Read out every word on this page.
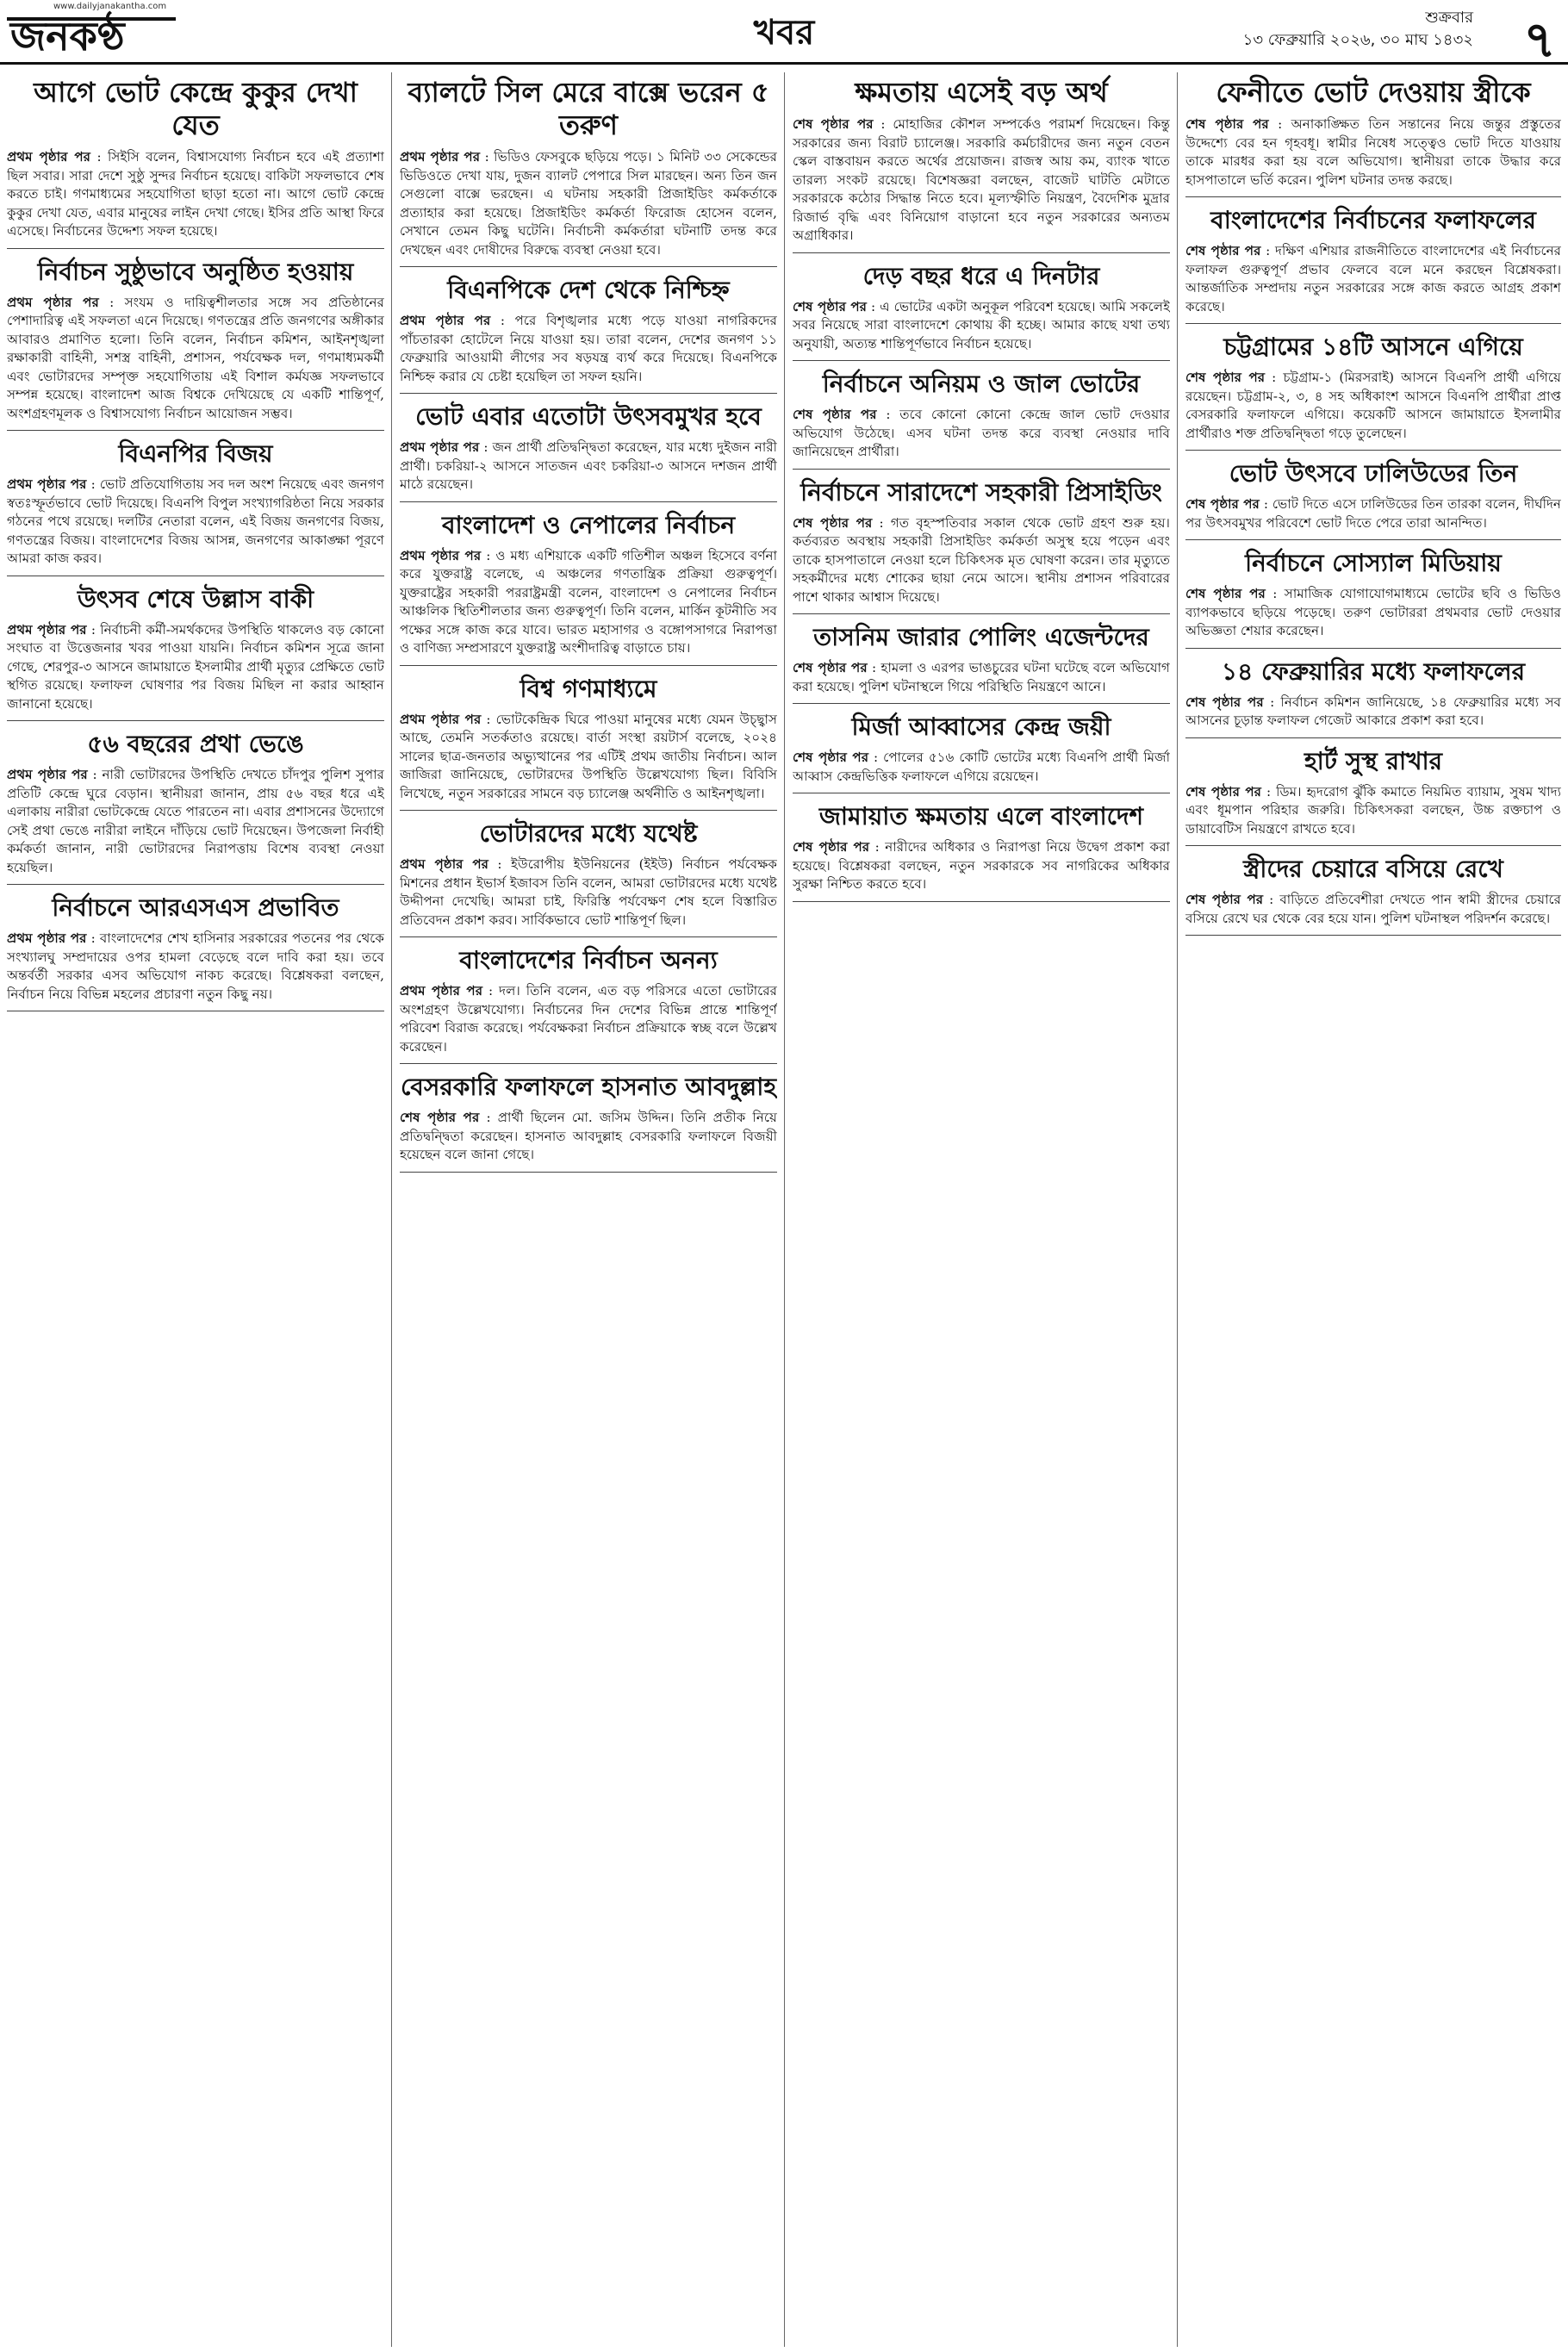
www.dailyjanakantha.com
জনকণ্ঠ	খবর	শুক্রবার
১৩ ফেব্রুয়ারি ২০২৬, ৩০ মাঘ ১৪৩২ ৭
আগে ভোট কেন্দ্রে কুকুর দেখা যেত

প্রথম পৃষ্ঠার পর : সিইসি বলেন, বিশ্বাসযোগ্য নির্বাচন হবে এই প্রত্যাশা ছিল সবার। সারা দেশে সুষ্ঠু সুন্দর নির্বাচন হয়েছে। বাকিটা সফলভাবে শেষ করতে চাই। গণমাধ্যমের সহযোগিতা ছাড়া হতো না। আগে ভোট কেন্দ্রে কুকুর দেখা যেত, এবার মানুষের লাইন দেখা গেছে। ইসির প্রতি আস্থা ফিরে এসেছে। নির্বাচনের উদ্দেশ্য সফল হয়েছে।

নির্বাচন সুষ্ঠুভাবে অনুষ্ঠিত হওয়ায়

প্রথম পৃষ্ঠার পর : সংযম ও দায়িত্বশীলতার সঙ্গে সব প্রতিষ্ঠানের পেশাদারিত্ব এই সফলতা এনে দিয়েছে। গণতন্ত্রের প্রতি জনগণের অঙ্গীকার আবারও প্রমাণিত হলো। তিনি বলেন, নির্বাচন কমিশন, আইনশৃঙ্খলা রক্ষাকারী বাহিনী, সশস্ত্র বাহিনী, প্রশাসন, পর্যবেক্ষক দল, গণমাধ্যমকর্মী এবং ভোটারদের সম্পৃক্ত সহযোগিতায় এই বিশাল কর্মযজ্ঞ সফলভাবে সম্পন্ন হয়েছে। বাংলাদেশ আজ বিশ্বকে দেখিয়েছে যে একটি শান্তিপূর্ণ, অংশগ্রহণমূলক ও বিশ্বাসযোগ্য নির্বাচন আয়োজন সম্ভব।

বিএনপির বিজয়

প্রথম পৃষ্ঠার পর : ভোট প্রতিযোগিতায় সব দল অংশ নিয়েছে এবং জনগণ স্বতঃস্ফূর্তভাবে ভোট দিয়েছে। বিএনপি বিপুল সংখ্যাগরিষ্ঠতা নিয়ে সরকার গঠনের পথে রয়েছে। দলটির নেতারা বলেন, এই বিজয় জনগণের বিজয়, গণতন্ত্রের বিজয়। বাংলাদেশের বিজয় আসন্ন, জনগণের আকাঙ্ক্ষা পূরণে আমরা কাজ করব।

উৎসব শেষে উল্লাস বাকী

প্রথম পৃষ্ঠার পর : নির্বাচনী কর্মী-সমর্থকদের উপস্থিতি থাকলেও বড় কোনো সংঘাত বা উত্তেজনার খবর পাওয়া যায়নি। নির্বাচন কমিশন সূত্রে জানা গেছে, শেরপুর-৩ আসনে জামায়াতে ইসলামীর প্রার্থী মৃত্যুর প্রেক্ষিতে ভোট স্থগিত রয়েছে। ফলাফল ঘোষণার পর বিজয় মিছিল না করার আহ্বান জানানো হয়েছে।

৫৬ বছরের প্রথা ভেঙে

প্রথম পৃষ্ঠার পর : নারী ভোটারদের উপস্থিতি দেখতে চাঁদপুর পুলিশ সুপার প্রতিটি কেন্দ্রে ঘুরে বেড়ান। স্থানীয়রা জানান, প্রায় ৫৬ বছর ধরে এই এলাকায় নারীরা ভোটকেন্দ্রে যেতে পারতেন না। এবার প্রশাসনের উদ্যোগে সেই প্রথা ভেঙে নারীরা লাইনে দাঁড়িয়ে ভোট দিয়েছেন। উপজেলা নির্বাহী কর্মকর্তা জানান, নারী ভোটারদের নিরাপত্তায় বিশেষ ব্যবস্থা নেওয়া হয়েছিল।

নির্বাচনে আরএসএস প্রভাবিত

প্রথম পৃষ্ঠার পর : বাংলাদেশের শেখ হাসিনার সরকারের পতনের পর থেকে সংখ্যালঘু সম্প্রদায়ের ওপর হামলা বেড়েছে বলে দাবি করা হয়। তবে অন্তর্বর্তী সরকার এসব অভিযোগ নাকচ করেছে। বিশ্লেষকরা বলছেন, নির্বাচন নিয়ে বিভিন্ন মহলের প্রচারণা নতুন কিছু নয়।

ব্যালটে সিল মেরে বাক্সে ভরেন ৫ তরুণ

প্রথম পৃষ্ঠার পর : ভিডিও ফেসবুকে ছড়িয়ে পড়ে। ১ মিনিট ৩৩ সেকেন্ডের ভিডিওতে দেখা যায়, দুজন ব্যালট পেপারে সিল মারছেন। অন্য তিন জন সেগুলো বাক্সে ভরছেন। এ ঘটনায় সহকারী প্রিজাইডিং কর্মকর্তাকে প্রত্যাহার করা হয়েছে। প্রিজাইডিং কর্মকর্তা ফিরোজ হোসেন বলেন, সেখানে তেমন কিছু ঘটেনি। নির্বাচনী কর্মকর্তারা ঘটনাটি তদন্ত করে দেখছেন এবং দোষীদের বিরুদ্ধে ব্যবস্থা নেওয়া হবে।

বিএনপিকে দেশ থেকে নিশ্চিহ্ন

প্রথম পৃষ্ঠার পর : পরে বিশৃঙ্খলার মধ্যে পড়ে যাওয়া নাগরিকদের পাঁচতারকা হোটেলে নিয়ে যাওয়া হয়। তারা বলেন, দেশের জনগণ ১১ ফেব্রুয়ারি আওয়ামী লীগের সব ষড়যন্ত্র ব্যর্থ করে দিয়েছে। বিএনপিকে নিশ্চিহ্ন করার যে চেষ্টা হয়েছিল তা সফল হয়নি।

ভোট এবার এতোটা উৎসবমুখর হবে

প্রথম পৃষ্ঠার পর : জন প্রার্থী প্রতিদ্বন্দ্বিতা করেছেন, যার মধ্যে দুইজন নারী প্রার্থী। চকরিয়া-২ আসনে সাতজন এবং চকরিয়া-৩ আসনে দশজন প্রার্থী মাঠে রয়েছেন।

বাংলাদেশ ও নেপালের নির্বাচন

প্রথম পৃষ্ঠার পর : ও মধ্য এশিয়াকে একটি গতিশীল অঞ্চল হিসেবে বর্ণনা করে যুক্তরাষ্ট্র বলেছে, এ অঞ্চলের গণতান্ত্রিক প্রক্রিয়া গুরুত্বপূর্ণ। যুক্তরাষ্ট্রের সহকারী পররাষ্ট্রমন্ত্রী বলেন, বাংলাদেশ ও নেপালের নির্বাচন আঞ্চলিক স্থিতিশীলতার জন্য গুরুত্বপূর্ণ। তিনি বলেন, মার্কিন কূটনীতি সব পক্ষের সঙ্গে কাজ করে যাবে। ভারত মহাসাগর ও বঙ্গোপসাগরে নিরাপত্তা ও বাণিজ্য সম্প্রসারণে যুক্তরাষ্ট্র অংশীদারিত্ব বাড়াতে চায়।

বিশ্ব গণমাধ্যমে

প্রথম পৃষ্ঠার পর : ভোটকেন্দ্রিক ঘিরে পাওয়া মানুষের মধ্যে যেমন উচ্ছ্বাস আছে, তেমনি সতর্কতাও রয়েছে। বার্তা সংস্থা রয়টার্স বলেছে, ২০২৪ সালের ছাত্র-জনতার অভ্যুত্থানের পর এটিই প্রথম জাতীয় নির্বাচন। আল জাজিরা জানিয়েছে, ভোটারদের উপস্থিতি উল্লেখযোগ্য ছিল। বিবিসি লিখেছে, নতুন সরকারের সামনে বড় চ্যালেঞ্জ অর্থনীতি ও আইনশৃঙ্খলা।

ভোটারদের মধ্যে যথেষ্ট

প্রথম পৃষ্ঠার পর : ইউরোপীয় ইউনিয়নের (ইইউ) নির্বাচন পর্যবেক্ষক মিশনের প্রধান ইভার্স ইজাবস তিনি বলেন, আমরা ভোটারদের মধ্যে যথেষ্ট উদ্দীপনা দেখেছি। আমরা চাই, ফিরিস্তি পর্যবেক্ষণ শেষ হলে বিস্তারিত প্রতিবেদন প্রকাশ করব। সার্বিকভাবে ভোট শান্তিপূর্ণ ছিল।

বাংলাদেশের নির্বাচন অনন্য

প্রথম পৃষ্ঠার পর : দল। তিনি বলেন, এত বড় পরিসরে এতো ভোটারের অংশগ্রহণ উল্লেখযোগ্য। নির্বাচনের দিন দেশের বিভিন্ন প্রান্তে শান্তিপূর্ণ পরিবেশ বিরাজ করেছে। পর্যবেক্ষকরা নির্বাচন প্রক্রিয়াকে স্বচ্ছ বলে উল্লেখ করেছেন।

বেসরকারি ফলাফলে হাসনাত আবদুল্লাহ

শেষ পৃষ্ঠার পর : প্রার্থী ছিলেন মো. জসিম উদ্দিন। তিনি প্রতীক নিয়ে প্রতিদ্বন্দ্বিতা করেছেন। হাসনাত আবদুল্লাহ বেসরকারি ফলাফলে বিজয়ী হয়েছেন বলে জানা গেছে।

ক্ষমতায় এসেই বড় অর্থ

শেষ পৃষ্ঠার পর : মোহাজির কৌশল সম্পর্কেও পরামর্শ দিয়েছেন। কিন্তু সরকারের জন্য বিরাট চ্যালেঞ্জ। সরকারি কর্মচারীদের জন্য নতুন বেতন স্কেল বাস্তবায়ন করতে অর্থের প্রয়োজন। রাজস্ব আয় কম, ব্যাংক খাতে তারল্য সংকট রয়েছে। বিশেষজ্ঞরা বলছেন, বাজেট ঘাটতি মেটাতে সরকারকে কঠোর সিদ্ধান্ত নিতে হবে। মূল্যস্ফীতি নিয়ন্ত্রণ, বৈদেশিক মুদ্রার রিজার্ভ বৃদ্ধি এবং বিনিয়োগ বাড়ানো হবে নতুন সরকারের অন্যতম অগ্রাধিকার।

দেড় বছর ধরে এ দিনটার

শেষ পৃষ্ঠার পর : এ ভোটের একটা অনুকূল পরিবেশ হয়েছে। আমি সকলেই সবর নিয়েছে সারা বাংলাদেশে কোথায় কী হচ্ছে। আমার কাছে যথা তথ্য অনুযায়ী, অত্যন্ত শান্তিপূর্ণভাবে নির্বাচন হয়েছে।

নির্বাচনে অনিয়ম ও জাল ভোটের

শেষ পৃষ্ঠার পর : তবে কোনো কোনো কেন্দ্রে জাল ভোট দেওয়ার অভিযোগ উঠেছে। এসব ঘটনা তদন্ত করে ব্যবস্থা নেওয়ার দাবি জানিয়েছেন প্রার্থীরা।

নির্বাচনে সারাদেশে সহকারী প্রিসাইডিং

শেষ পৃষ্ঠার পর : গত বৃহস্পতিবার সকাল থেকে ভোট গ্রহণ শুরু হয়। কর্তব্যরত অবস্থায় সহকারী প্রিসাইডিং কর্মকর্তা অসুস্থ হয়ে পড়েন এবং তাকে হাসপাতালে নেওয়া হলে চিকিৎসক মৃত ঘোষণা করেন। তার মৃত্যুতে সহকর্মীদের মধ্যে শোকের ছায়া নেমে আসে। স্থানীয় প্রশাসন পরিবারের পাশে থাকার আশ্বাস দিয়েছে।

তাসনিম জারার পোলিং এজেন্টদের

শেষ পৃষ্ঠার পর : হামলা ও এরপর ভাঙচুরের ঘটনা ঘটেছে বলে অভিযোগ করা হয়েছে। পুলিশ ঘটনাস্থলে গিয়ে পরিস্থিতি নিয়ন্ত্রণে আনে।

মির্জা আব্বাসের কেন্দ্র জয়ী

শেষ পৃষ্ঠার পর : পোলের ৫১৬ কোটি ভোটের মধ্যে বিএনপি প্রার্থী মির্জা আব্বাস কেন্দ্রভিত্তিক ফলাফলে এগিয়ে রয়েছেন।

জামায়াত ক্ষমতায় এলে বাংলাদেশ

শেষ পৃষ্ঠার পর : নারীদের অধিকার ও নিরাপত্তা নিয়ে উদ্বেগ প্রকাশ করা হয়েছে। বিশ্লেষকরা বলছেন, নতুন সরকারকে সব নাগরিকের অধিকার সুরক্ষা নিশ্চিত করতে হবে।

ফেনীতে ভোট দেওয়ায় স্ত্রীকে

শেষ পৃষ্ঠার পর : অনাকাঙ্ক্ষিত তিন সন্তানের নিয়ে জন্তুর প্রস্তুতের উদ্দেশ্যে বের হন গৃহবধূ। স্বামীর নিষেধ সত্ত্বেও ভোট দিতে যাওয়ায় তাকে মারধর করা হয় বলে অভিযোগ। স্থানীয়রা তাকে উদ্ধার করে হাসপাতালে ভর্তি করেন। পুলিশ ঘটনার তদন্ত করছে।

বাংলাদেশের নির্বাচনের ফলাফলের

শেষ পৃষ্ঠার পর : দক্ষিণ এশিয়ার রাজনীতিতে বাংলাদেশের এই নির্বাচনের ফলাফল গুরুত্বপূর্ণ প্রভাব ফেলবে বলে মনে করছেন বিশ্লেষকরা। আন্তর্জাতিক সম্প্রদায় নতুন সরকারের সঙ্গে কাজ করতে আগ্রহ প্রকাশ করেছে।

চট্টগ্রামের ১৪টি আসনে এগিয়ে

শেষ পৃষ্ঠার পর : চট্টগ্রাম-১ (মিরসরাই) আসনে বিএনপি প্রার্থী এগিয়ে রয়েছেন। চট্টগ্রাম-২, ৩, ৪ সহ অধিকাংশ আসনে বিএনপি প্রার্থীরা প্রাপ্ত বেসরকারি ফলাফলে এগিয়ে। কয়েকটি আসনে জামায়াতে ইসলামীর প্রার্থীরাও শক্ত প্রতিদ্বন্দ্বিতা গড়ে তুলেছেন।

ভোট উৎসবে ঢালিউডের তিন

শেষ পৃষ্ঠার পর : ভোট দিতে এসে ঢালিউডের তিন তারকা বলেন, দীর্ঘদিন পর উৎসবমুখর পরিবেশে ভোট দিতে পেরে তারা আনন্দিত।

নির্বাচনে সোস্যাল মিডিয়ায়

শেষ পৃষ্ঠার পর : সামাজিক যোগাযোগমাধ্যমে ভোটের ছবি ও ভিডিও ব্যাপকভাবে ছড়িয়ে পড়েছে। তরুণ ভোটাররা প্রথমবার ভোট দেওয়ার অভিজ্ঞতা শেয়ার করেছেন।

১৪ ফেব্রুয়ারির মধ্যে ফলাফলের

শেষ পৃষ্ঠার পর : নির্বাচন কমিশন জানিয়েছে, ১৪ ফেব্রুয়ারির মধ্যে সব আসনের চূড়ান্ত ফলাফল গেজেট আকারে প্রকাশ করা হবে।

হার্ট সুস্থ রাখার

শেষ পৃষ্ঠার পর : ডিম। হৃদরোগ ঝুঁকি কমাতে নিয়মিত ব্যায়াম, সুষম খাদ্য এবং ধূমপান পরিহার জরুরি। চিকিৎসকরা বলছেন, উচ্চ রক্তচাপ ও ডায়াবেটিস নিয়ন্ত্রণে রাখতে হবে।

স্ত্রীদের চেয়ারে বসিয়ে রেখে

শেষ পৃষ্ঠার পর : বাড়িতে প্রতিবেশীরা দেখতে পান স্বামী স্ত্রীদের চেয়ারে বসিয়ে রেখে ঘর থেকে বের হয়ে যান। পুলিশ ঘটনাস্থল পরিদর্শন করেছে।
